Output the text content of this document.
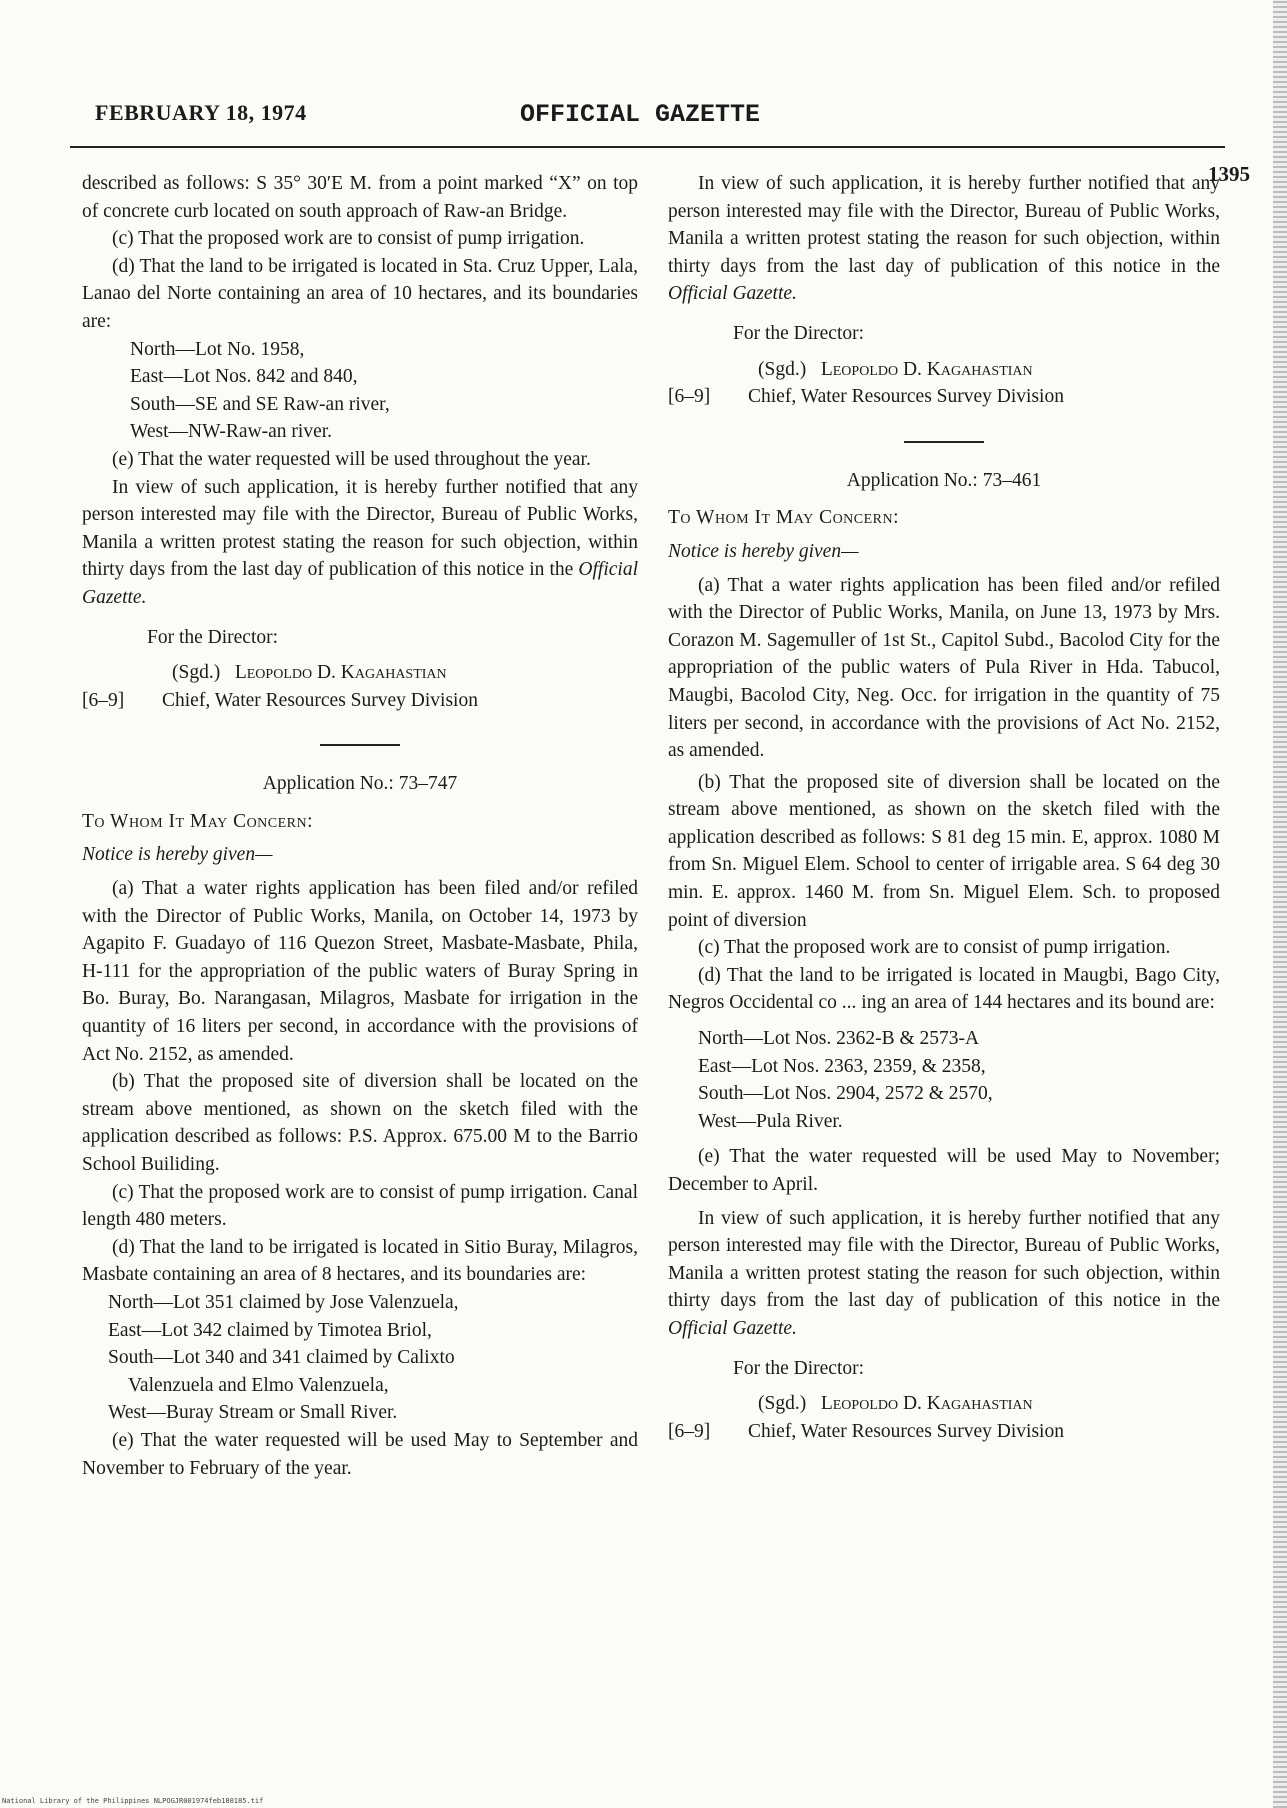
FEBRUARY 18, 1974	OFFICIAL GAZETTE
1395

described as follows: S 35° 30′E M. from a point marked “X” on top of concrete curb located on south approach of Raw-an Bridge.

(c) That the proposed work are to consist of pump irrigation.

(d) That the land to be irrigated is located in Sta. Cruz Upper, Lala, Lanao del Norte containing an area of 10 hectares, and its boundaries are:

North—Lot No. 1958,
East—Lot Nos. 842 and 840,
South—SE and SE Raw-an river,
West—NW-Raw-an river.

(e) That the water requested will be used throughout the year.

In view of such application, it is hereby further notified that any person interested may file with the Director, Bureau of Public Works, Manila a written protest stating the reason for such objection, within thirty days from the last day of publication of this notice in the Official Gazette.

For the Director:
(Sgd.) Leopoldo D. Kagahastian
[6–9]	Chief, Water Resources Survey Division
Application No.: 73–747

To Whom It May Concern:

Notice is hereby given—

(a) That a water rights application has been filed and/or refiled with the Director of Public Works, Manila, on October 14, 1973 by Agapito F. Guadayo of 116 Quezon Street, Masbate-Masbate, Phila, H-111 for the appropriation of the public waters of Buray Spring in Bo. Buray, Bo. Narangasan, Milagros, Masbate for irrigation in the quantity of 16 liters per second, in accordance with the provisions of Act No. 2152, as amended.

(b) That the proposed site of diversion shall be located on the stream above mentioned, as shown on the sketch filed with the application described as follows: P.S. Approx. 675.00 M to the Barrio School Builiding.

(c) That the proposed work are to consist of pump irrigation. Canal length 480 meters.

(d) That the land to be irrigated is located in Sitio Buray, Milagros, Masbate containing an area of 8 hectares, and its boundaries are:

North—Lot 351 claimed by Jose Valenzuela,
East—Lot 342 claimed by Timotea Briol,
South—Lot 340 and 341 claimed by Calixto
Valenzuela and Elmo Valenzuela,
West—Buray Stream or Small River.

(e) That the water requested will be used May to September and November to February of the year.

In view of such application, it is hereby further notified that any person interested may file with the Director, Bureau of Public Works, Manila a written protest stating the reason for such objection, within thirty days from the last day of publication of this notice in the Official Gazette.

For the Director:
(Sgd.) Leopoldo D. Kagahastian
[6–9]	Chief, Water Resources Survey Division
Application No.: 73–461

To Whom It May Concern:

Notice is hereby given—

(a) That a water rights application has been filed and/or refiled with the Director of Public Works, Manila, on June 13, 1973 by Mrs. Corazon M. Sagemuller of 1st St., Capitol Subd., Bacolod City for the appropriation of the public waters of Pula River in Hda. Tabucol, Maugbi, Bacolod City, Neg. Occ. for irrigation in the quantity of 75 liters per second, in accordance with the provisions of Act No. 2152, as amended.

(b) That the proposed site of diversion shall be located on the stream above mentioned, as shown on the sketch filed with the application described as follows: S 81 deg 15 min. E, approx. 1080 M from Sn. Miguel Elem. School to center of irrigable area. S 64 deg 30 min. E. approx. 1460 M. from Sn. Miguel Elem. Sch. to proposed point of diversion

(c) That the proposed work are to consist of pump irrigation.

(d) That the land to be irrigated is located in Maugbi, Bago City, Negros Occidental co ... ing an area of 144 hectares and its bound are:

North—Lot Nos. 2362-B & 2573-A
East—Lot Nos. 2363, 2359, & 2358,
South—Lot Nos. 2904, 2572 & 2570,
West—Pula River.

(e) That the water requested will be used May to November; December to April.

In view of such application, it is hereby further notified that any person interested may file with the Director, Bureau of Public Works, Manila a written protest stating the reason for such objection, within thirty days from the last day of publication of this notice in the Official Gazette.

For the Director:
(Sgd.) Leopoldo D. Kagahastian
[6–9]	Chief, Water Resources Survey Division
National Library of the Philippines NLPOGJR001974feb180185.tif
